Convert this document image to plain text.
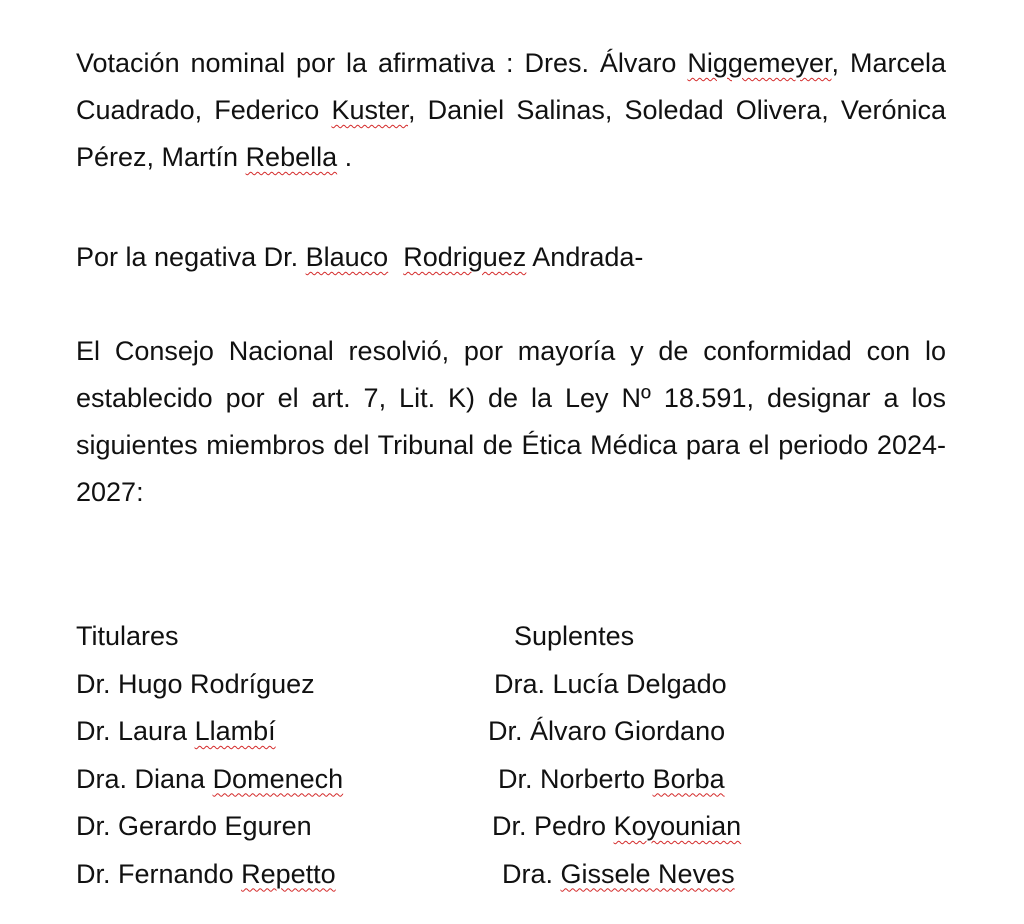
Votación nominal por la afirmativa : Dres. Álvaro Niggemeyer, Marcela Cuadrado, Federico Kuster, Daniel Salinas, Soledad Olivera, Verónica Pérez, Martín Rebella .

Por la negativa Dr. Blauco Rodriguez Andrada-

El Consejo Nacional resolvió, por mayoría y de conformidad con lo establecido por el art. 7, Lit. K) de la Ley Nº 18.591, designar a los siguientes miembros del Tribunal de Ética Médica para el periodo 2024-2027:

Titulares
Dr. Hugo Rodríguez
Dr. Laura Llambí
Dra. Diana Domenech
Dr. Gerardo Eguren
Dr. Fernando Repetto
Suplentes
Dra. Lucía Delgado
Dr. Álvaro Giordano
Dr. Norberto Borba
Dr. Pedro Koyounian
Dra. Gissele Neves
